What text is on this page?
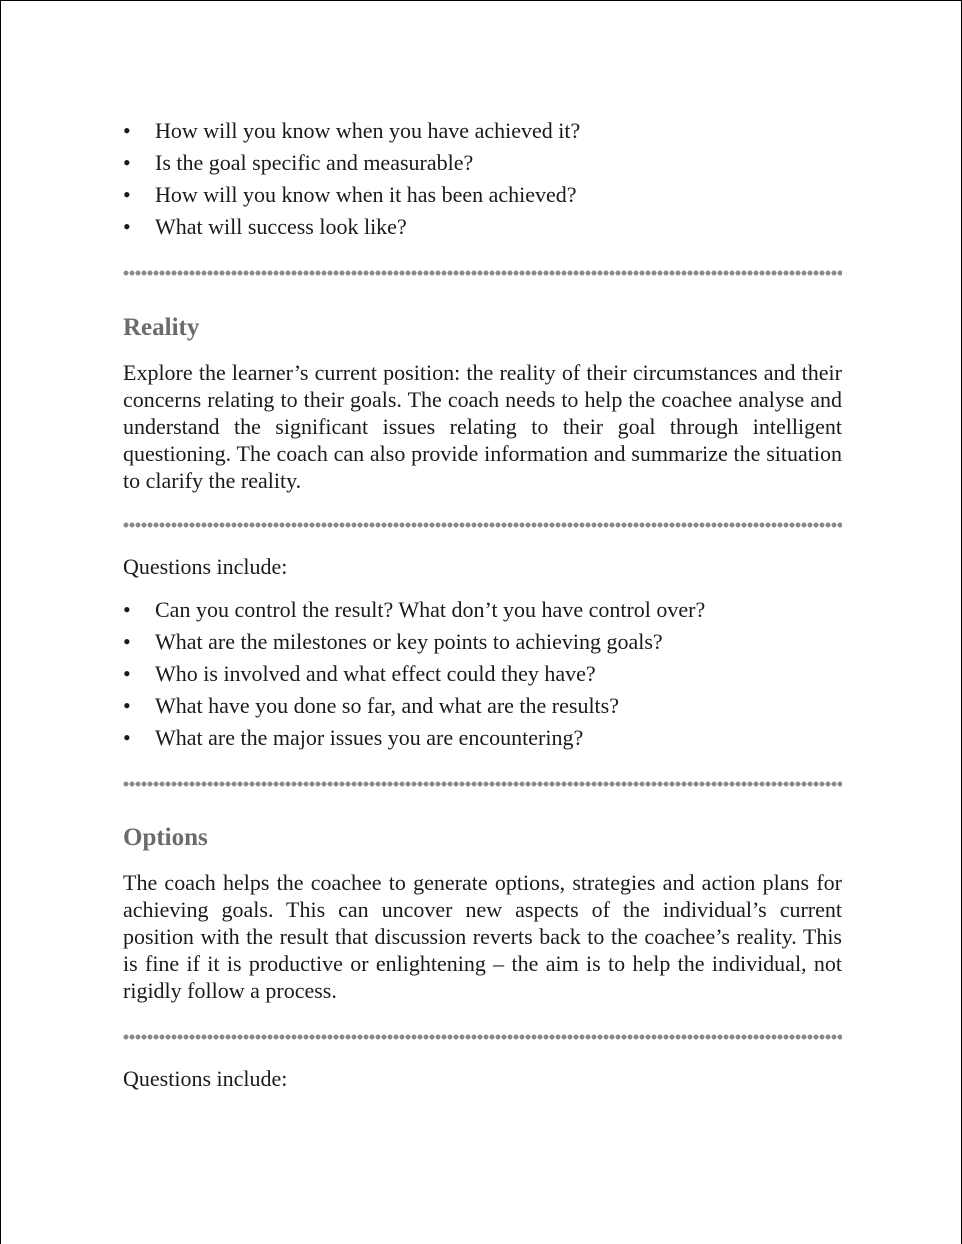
• How will you know when you have achieved it?
• Is the goal specific and measurable?
• How will you know when it has been achieved?
• What will success look like?
Reality

Explore the learner’s current position: the reality of their circumstances and their concerns relating to their goals. The coach needs to help the coachee analyse and understand the significant issues relating to their goal through intelligent questioning. The coach can also provide information and summarize the situation to clarify the reality.

Questions include:

• Can you control the result? What don’t you have control over?
• What are the milestones or key points to achieving goals?
• Who is involved and what effect could they have?
• What have you done so far, and what are the results?
• What are the major issues you are encountering?
Options

The coach helps the coachee to generate options, strategies and action plans for achieving goals. This can uncover new aspects of the individual’s current position with the result that discussion reverts back to the coachee’s reality. This is fine if it is productive or enlightening – the aim is to help the individual, not rigidly follow a process.

Questions include:
